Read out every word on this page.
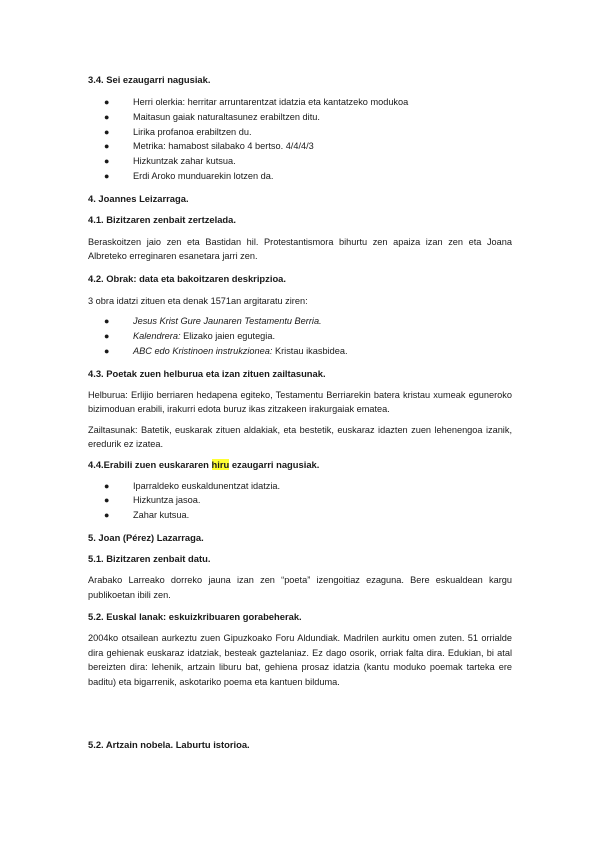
3.4. Sei ezaugarri nagusiak.

●	Herri olerkia: herritar arruntarentzat idatzia eta kantatzeko modukoa
●	Maitasun gaiak naturaltasunez erabiltzen ditu.
●	Lirika profanoa erabiltzen du.
●	Metrika: hamabost silabako 4 bertso. 4/4/4/3
●	Hizkuntzak zahar kutsua.
●	Erdi Aroko munduarekin lotzen da.

4. Joannes Leizarraga.

4.1. Bizitzaren zenbait zertzelada.

Beraskoitzen jaio zen eta Bastidan hil. Protestantismora bihurtu zen apaiza izan zen eta Joana Albreteko erreginaren esanetara jarri zen.

4.2. Obrak: data eta bakoitzaren deskripzioa.

3 obra idatzi zituen eta denak 1571an argitaratu ziren:

●	Jesus Krist Gure Jaunaren Testamentu Berria.
●	Kalendrera: Elizako jaien egutegia.
●	ABC edo Kristinoen instrukzionea: Kristau ikasbidea.

4.3. Poetak zuen helburua eta izan zituen zailtasunak.

Helburua: Erlijio berriaren hedapena egiteko, Testamentu Berriarekin batera kristau xumeak eguneroko bizimoduan erabili, irakurri edota buruz ikas zitzakeen irakurgaiak ematea.

Zailtasunak: Batetik, euskarak zituen aldakiak, eta bestetik, euskaraz idazten zuen lehenengoa izanik, eredurik ez izatea.

4.4.Erabili zuen euskararen hiru ezaugarri nagusiak.

●	Iparraldeko euskaldunentzat idatzia.
●	Hizkuntza jasoa.
●	Zahar kutsua.

5. Joan (Pérez) Lazarraga.

5.1. Bizitzaren zenbait datu.

Arabako Larreako dorreko jauna izan zen “poeta” izengoitiaz ezaguna. Bere eskualdean kargu publikoetan ibili zen.

5.2. Euskal lanak: eskuizkribuaren gorabeherak.

2004ko otsailean aurkeztu zuen Gipuzkoako Foru Aldundiak. Madrilen aurkitu omen zuten. 51 orrialde dira gehienak euskaraz idatziak, besteak gaztelaniaz. Ez dago osorik, orriak falta dira. Edukian, bi atal bereizten dira: lehenik, artzain liburu bat, gehiena prosaz idatzia (kantu moduko poemak tarteka ere baditu) eta bigarrenik, askotariko poema eta kantuen bilduma.

5.2. Artzain nobela. Laburtu istorioa.
